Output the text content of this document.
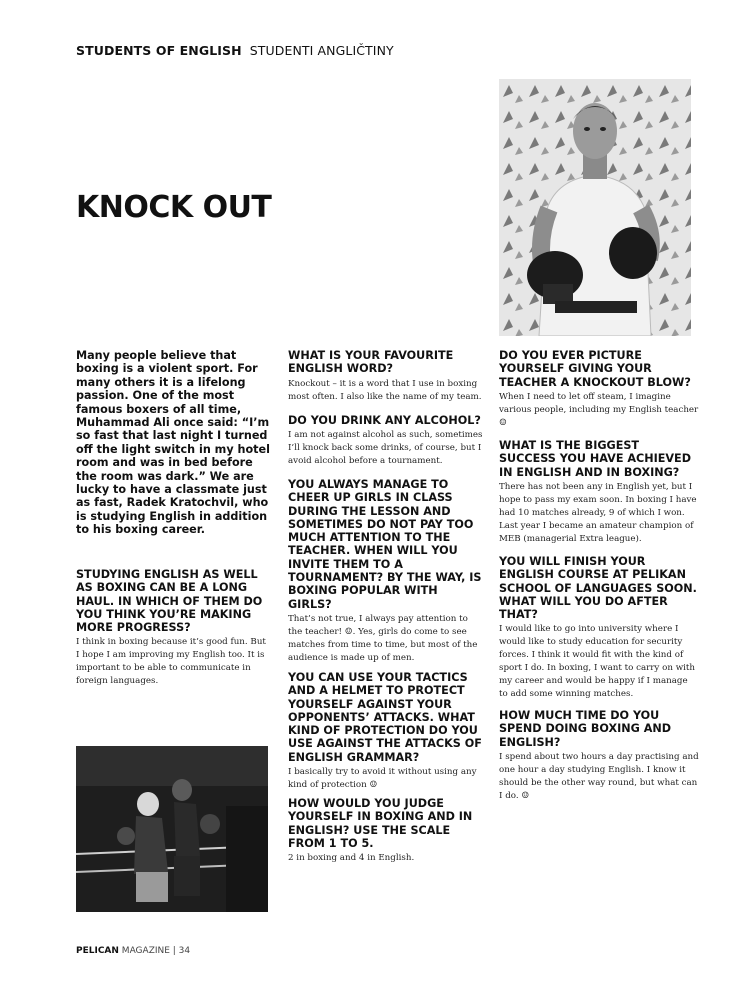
STUDENTS OF ENGLISH STUDENTI ANGLIČTINY
KNOCK OUT
Many people believe that boxing is a violent sport. For many others it is a lifelong passion. One of the most famous boxers of all time, Muhammad Ali once said: “I’m so fast that last night I turned off the light switch in my hotel room and was in bed before the room was dark.” We are lucky to have a classmate just as fast, Radek Kratochvil, who is studying English in addition to his boxing career.
STUDYING ENGLISH AS WELL AS BOXING CAN BE A LONG HAUL. IN WHICH OF THEM DO YOU THINK YOU’RE MAKING MORE PROGRESS?
I think in boxing because it’s good fun. But I hope I am improving my English too. It is important to be able to communicate in foreign languages.
WHAT IS YOUR FAVOURITE ENGLISH WORD?
Knockout – it is a word that I use in boxing most often. I also like the name of my team.
DO YOU DRINK ANY ALCOHOL?
I am not against alcohol as such, sometimes I’ll knock back some drinks, of course, but I avoid alcohol before a tournament.
YOU ALWAYS MANAGE TO CHEER UP GIRLS IN CLASS DURING THE LESSON AND SOMETIMES DO NOT PAY TOO MUCH ATTENTION TO THE TEACHER. WHEN WILL YOU INVITE THEM TO A TOURNAMENT? BY THE WAY, IS BOXING POPULAR WITH GIRLS?
That’s not true, I always pay attention to the teacher! ☺. Yes, girls do come to see matches from time to time, but most of the audience is made up of men.
YOU CAN USE YOUR TACTICS AND A HELMET TO PROTECT YOURSELF AGAINST YOUR OPPONENTS’ ATTACKS. WHAT KIND OF PROTECTION DO YOU USE AGAINST THE ATTACKS OF ENGLISH GRAMMAR?
I basically try to avoid it without using any kind of protection ☺
HOW WOULD YOU JUDGE YOURSELF IN BOXING AND IN ENGLISH? USE THE SCALE FROM 1 TO 5.
2 in boxing and 4 in English.
DO YOU EVER PICTURE YOURSELF GIVING YOUR TEACHER A KNOCKOUT BLOW?
When I need to let off steam, I imagine various people, including my English teacher ☺
WHAT IS THE BIGGEST SUCCESS YOU HAVE ACHIEVED IN ENGLISH AND IN BOXING?
There has not been any in English yet, but I hope to pass my exam soon. In boxing I have had 10 matches already, 9 of which I won. Last year I became an amateur champion of MEB (managerial Extra league).
YOU WILL FINISH YOUR ENGLISH COURSE AT PELIKAN SCHOOL OF LANGUAGES SOON. WHAT WILL YOU DO AFTER THAT?
I would like to go into university where I would like to study education for security forces. I think it would fit with the kind of sport I do. In boxing, I want to carry on with my career and would be happy if I manage to add some winning matches.
HOW MUCH TIME DO YOU SPEND DOING BOXING AND ENGLISH?
I spend about two hours a day practising and one hour a day studying English. I know it should be the other way round, but what can I do. ☺
PELICAN MAGAZINE | 34
